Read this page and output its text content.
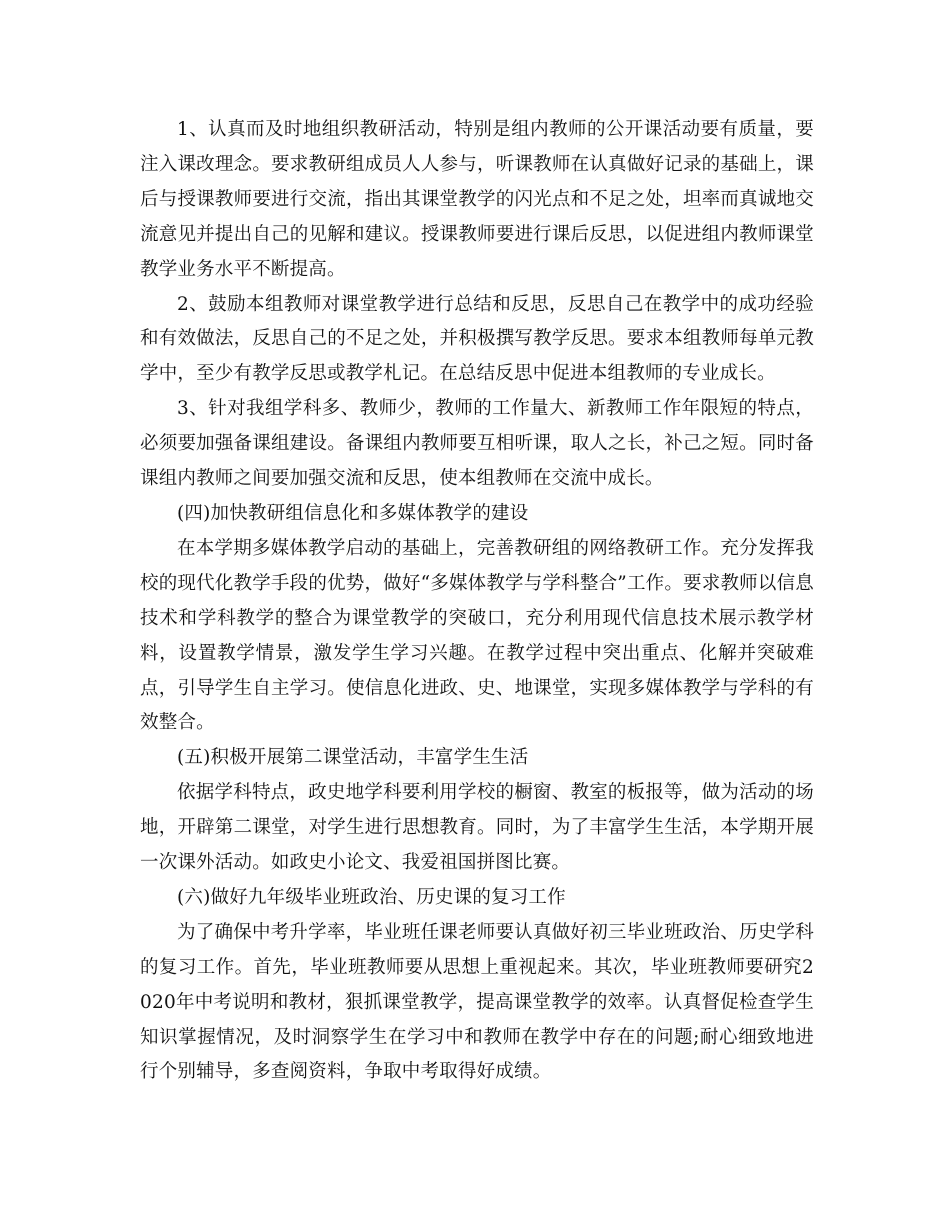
1、认真而及时地组织教研活动，特别是组内教师的公开课活动要有质量，要注入课改理念。要求教研组成员人人参与，听课教师在认真做好记录的基础上，课后与授课教师要进行交流，指出其课堂教学的闪光点和不足之处，坦率而真诚地交流意见并提出自己的见解和建议。授课教师要进行课后反思，以促进组内教师课堂教学业务水平不断提高。

2、鼓励本组教师对课堂教学进行总结和反思，反思自己在教学中的成功经验和有效做法，反思自己的不足之处，并积极撰写教学反思。要求本组教师每单元教学中，至少有教学反思或教学札记。在总结反思中促进本组教师的专业成长。

3、针对我组学科多、教师少，教师的工作量大、新教师工作年限短的特点，必须要加强备课组建设。备课组内教师要互相听课，取人之长，补己之短。同时备课组内教师之间要加强交流和反思，使本组教师在交流中成长。

(四)加快教研组信息化和多媒体教学的建设

在本学期多媒体教学启动的基础上，完善教研组的网络教研工作。充分发挥我校的现代化教学手段的优势，做好“多媒体教学与学科整合”工作。要求教师以信息技术和学科教学的整合为课堂教学的突破口，充分利用现代信息技术展示教学材料，设置教学情景，激发学生学习兴趣。在教学过程中突出重点、化解并突破难点，引导学生自主学习。使信息化进政、史、地课堂，实现多媒体教学与学科的有效整合。

(五)积极开展第二课堂活动，丰富学生生活

依据学科特点，政史地学科要利用学校的橱窗、教室的板报等，做为活动的场地，开辟第二课堂，对学生进行思想教育。同时，为了丰富学生生活，本学期开展一次课外活动。如政史小论文、我爱祖国拼图比赛。

(六)做好九年级毕业班政治、历史课的复习工作

为了确保中考升学率，毕业班任课老师要认真做好初三毕业班政治、历史学科的复习工作。首先，毕业班教师要从思想上重视起来。其次，毕业班教师要研究2020年中考说明和教材，狠抓课堂教学，提高课堂教学的效率。认真督促检查学生知识掌握情况，及时洞察学生在学习中和教师在教学中存在的问题;耐心细致地进行个别辅导，多查阅资料，争取中考取得好成绩。
